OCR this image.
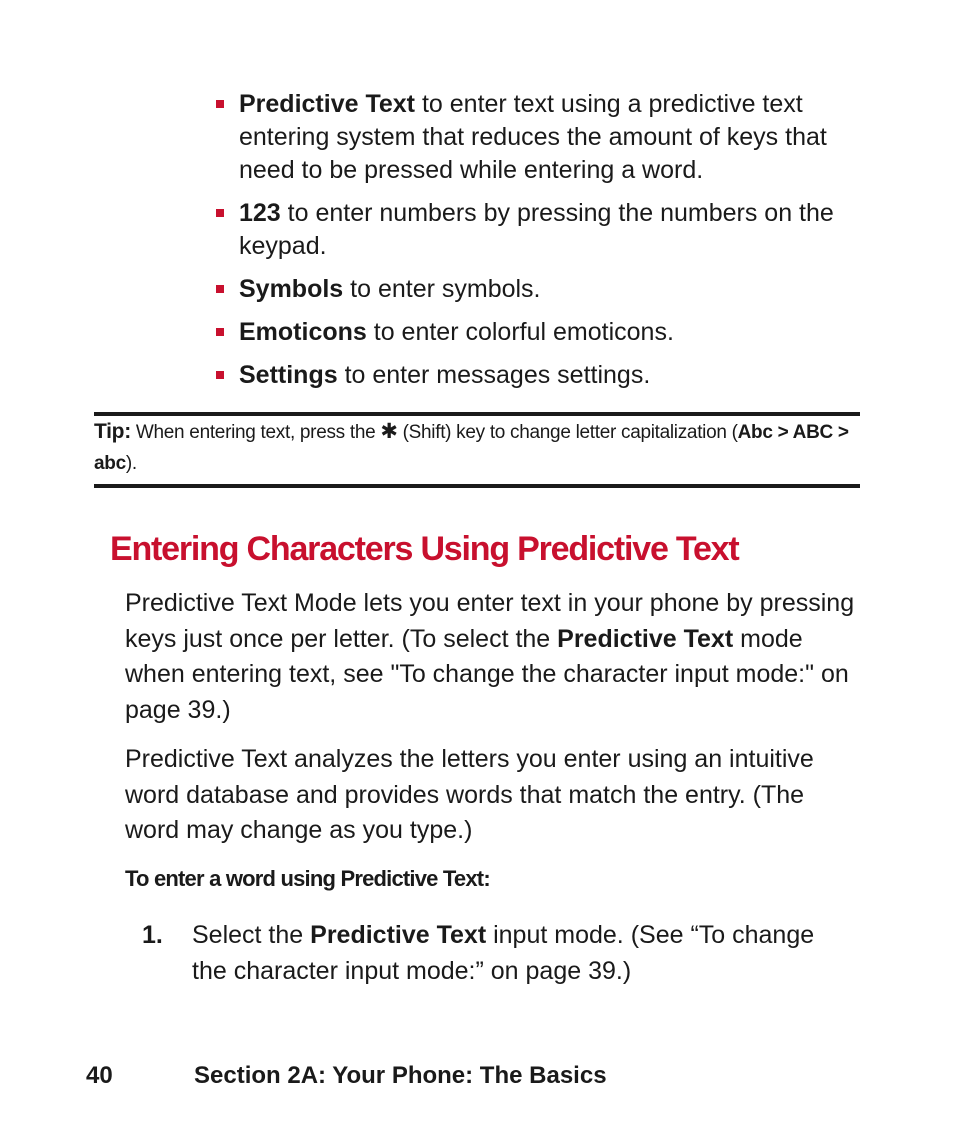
Predictive Text to enter text using a predictive text entering system that reduces the amount of keys that need to be pressed while entering a word.
123 to enter numbers by pressing the numbers on the keypad.
Symbols to enter symbols.
Emoticons to enter colorful emoticons.
Settings to enter messages settings.
Tip: When entering text, press the ✱ (Shift) key to change letter capitalization (Abc > ABC > abc).
Entering Characters Using Predictive Text

Predictive Text Mode lets you enter text in your phone by pressing keys just once per letter. (To select the Predictive Text mode when entering text, see "To change the character input mode:" on page 39.)

Predictive Text analyzes the letters you enter using an intuitive word database and provides words that match the entry. (The word may change as you type.)

To enter a word using Predictive Text:

1. Select the Predictive Text input mode. (See “To change the character input mode:” on page 39.)
40	Section 2A: Your Phone: The Basics
